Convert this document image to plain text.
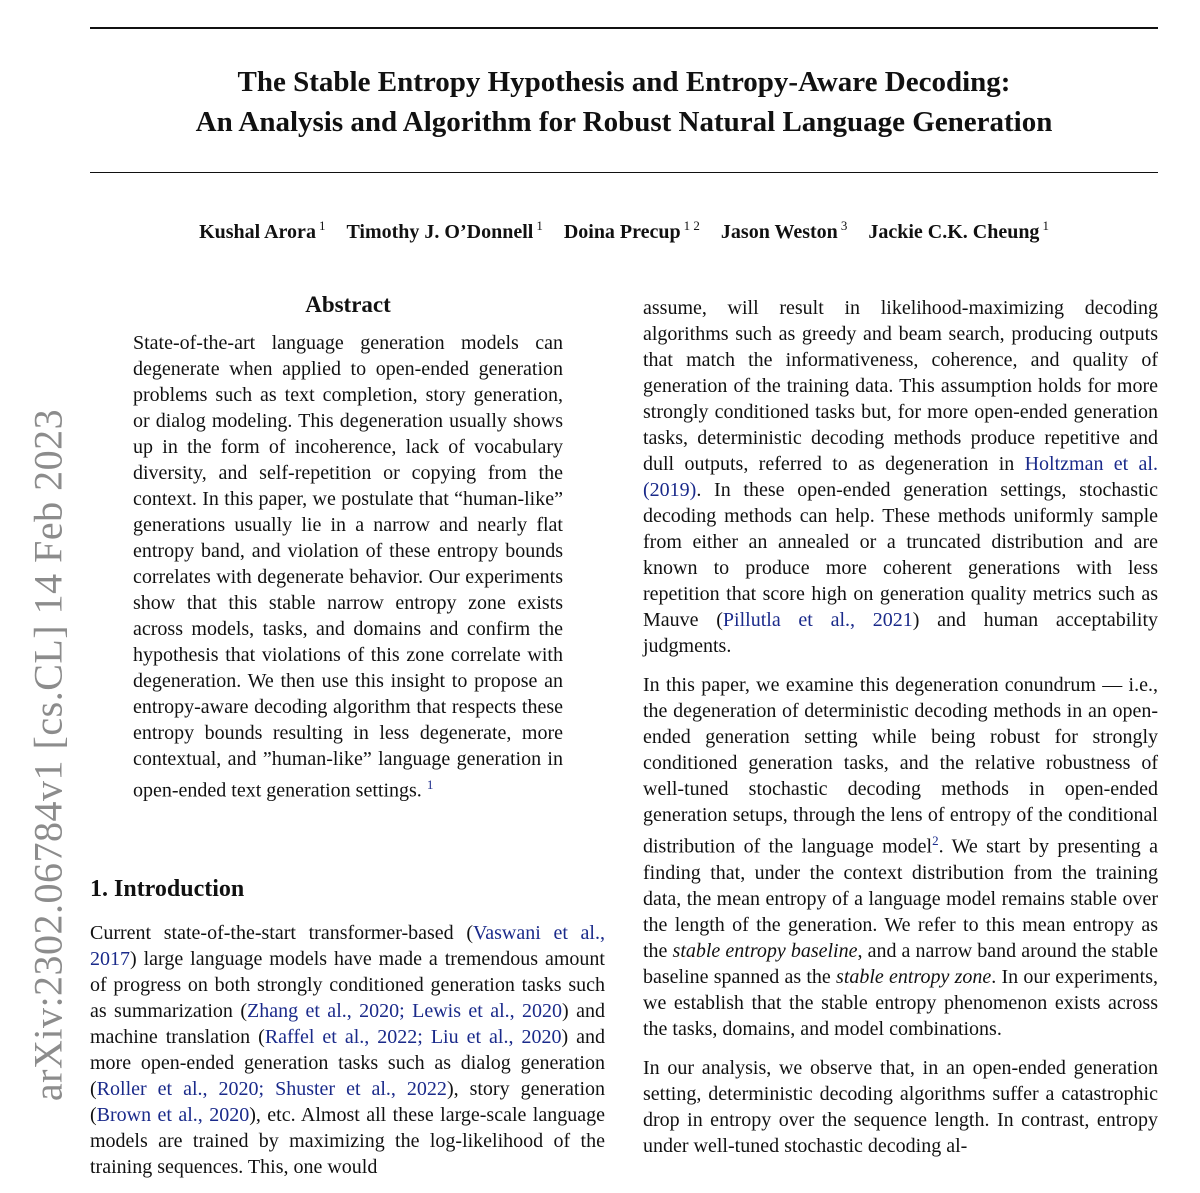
The Stable Entropy Hypothesis and Entropy-Aware Decoding:
An Analysis and Algorithm for Robust Natural Language Generation
Kushal Arora $^1$ Timothy J. O’Donnell $^1$ Doina Precup $^{1 2}$ Jason Weston $^3$ Jackie C.K. Cheung $^1$
arXiv:2302.06784v1 [cs.CL] 14 Feb 2023
Abstract
State-of-the-art language generation models can degenerate when applied to open-ended generation problems such as text completion, story generation, or dialog modeling. This degeneration usually shows up in the form of incoherence, lack of vocabulary diversity, and self-repetition or copying from the context. In this paper, we postulate that “human-like” generations usually lie in a narrow and nearly flat entropy band, and violation of these entropy bounds correlates with degenerate behavior. Our experiments show that this stable narrow entropy zone exists across models, tasks, and domains and confirm the hypothesis that violations of this zone correlate with degeneration. We then use this insight to propose an entropy-aware decoding algorithm that respects these entropy bounds resulting in less degenerate, more contextual, and ”human-like” language generation in open-ended text generation settings. $^1$
1. Introduction
Current state-of-the-start transformer-based (Vaswani et al., 2017) large language models have made a tremendous amount of progress on both strongly conditioned generation tasks such as summarization (Zhang et al., 2020; Lewis et al., 2020) and machine translation (Raffel et al., 2022; Liu et al., 2020) and more open-ended generation tasks such as dialog generation (Roller et al., 2020; Shuster et al., 2022), story generation (Brown et al., 2020), etc. Almost all these large-scale language models are trained by maximizing the log-likelihood of the training sequences. This, one would

assume, will result in likelihood-maximizing decoding algorithms such as greedy and beam search, producing outputs that match the informativeness, coherence, and quality of generation of the training data. This assumption holds for more strongly conditioned tasks but, for more open-ended generation tasks, deterministic decoding methods produce repetitive and dull outputs, referred to as degeneration in Holtzman et al. (2019). In these open-ended generation settings, stochastic decoding methods can help. These methods uniformly sample from either an annealed or a truncated distribution and are known to produce more coherent generations with less repetition that score high on generation quality metrics such as Mauve (Pillutla et al., 2021) and human acceptability judgments.

In this paper, we examine this degeneration conundrum — i.e., the degeneration of deterministic decoding methods in an open-ended generation setting while being robust for strongly conditioned generation tasks, and the relative robustness of well-tuned stochastic decoding methods in open-ended generation setups, through the lens of entropy of the conditional distribution of the language model$^2$. We start by presenting a finding that, under the context distribution from the training data, the mean entropy of a language model remains stable over the length of the generation. We refer to this mean entropy as the stable entropy baseline, and a narrow band around the stable baseline spanned as the stable entropy zone. In our experiments, we establish that the stable entropy phenomenon exists across the tasks, domains, and model combinations.

In our analysis, we observe that, in an open-ended generation setting, deterministic decoding algorithms suffer a catastrophic drop in entropy over the sequence length. In contrast, entropy under well-tuned stochastic decoding al-
